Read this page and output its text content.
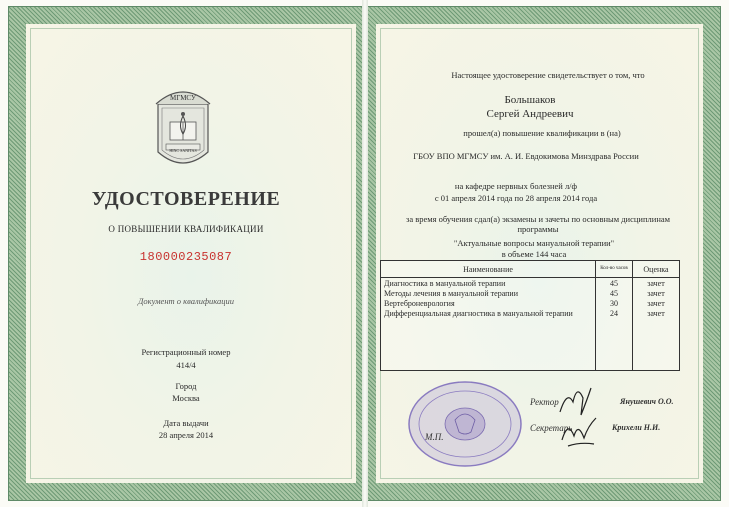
МГМСУ
HINC SANITAS
УДОСТОВЕРЕНИЕ
О ПОВЫШЕНИИ КВАЛИФИКАЦИИ
180000235087
Документ о квалификации
Регистрационный номер
414/4
Город
Москва
Дата выдачи
28 апреля 2014
Настоящее удостоверение свидетельствует о том, что
Большаков
Сергей Андреевич
прошел(а) повышение квалификации в (на)
ГБОУ ВПО МГМСУ им. А. И. Евдокимова Минздрава России
на кафедре нервных болезней л/ф
с 01 апреля 2014 года по 28 апреля 2014 года
за время обучения сдал(а) экзамены и зачеты по основным дисциплинам
программы
"Актуальные вопросы мануальной терапии"
в объеме 144 часа
Наименование	Кол-во часов	Оценка
Диагностика в мануальной терапии	45	зачет
Методы лечения в мануальной терапии	45	зачет
Вертеброневрология	30	зачет
Дифференциальная диагностика в мануальной терапии	24	зачет

Ректор	Янушевич О.О.
М.П.
Секретарь	Крихели Н.И.
